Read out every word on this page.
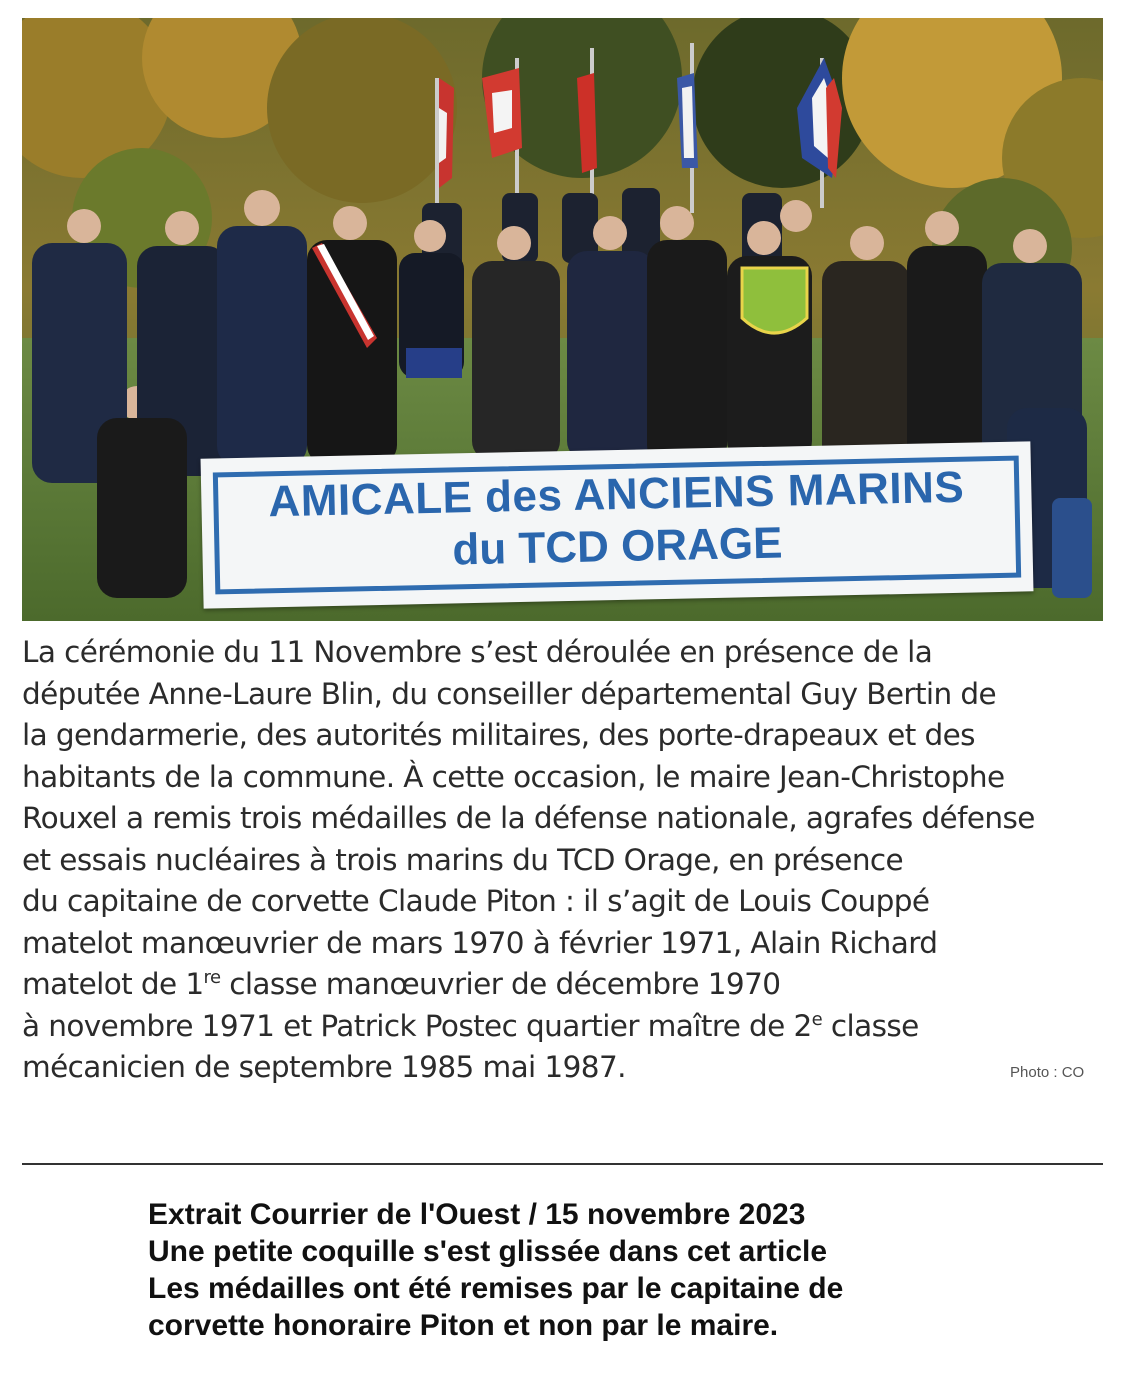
AMICALE des ANCIENS MARINS
du TCD ORAGE
La cérémonie du 11 Novembre s’est déroulée en présence de la
députée Anne-Laure Blin, du conseiller départemental Guy Bertin de
la gendarmerie, des autorités militaires, des porte-drapeaux et des
habitants de la commune. À cette occasion, le maire Jean-Christophe
Rouxel a remis trois médailles de la défense nationale, agrafes défense
et essais nucléaires à trois marins du TCD Orage, en présence
du capitaine de corvette Claude Piton : il s’agit de Louis Couppé
matelot manœuvrier de mars 1970 à février 1971, Alain Richard
matelot de 1re classe manœuvrier de décembre 1970
à novembre 1971 et Patrick Postec quartier maître de 2e classe
mécanicien de septembre 1985 mai 1987.	Photo : CO
Extrait Courrier de l'Ouest / 15 novembre 2023
Une petite coquille s'est glissée dans cet article
Les médailles ont été remises par le capitaine de
corvette honoraire Piton et non par le maire.
